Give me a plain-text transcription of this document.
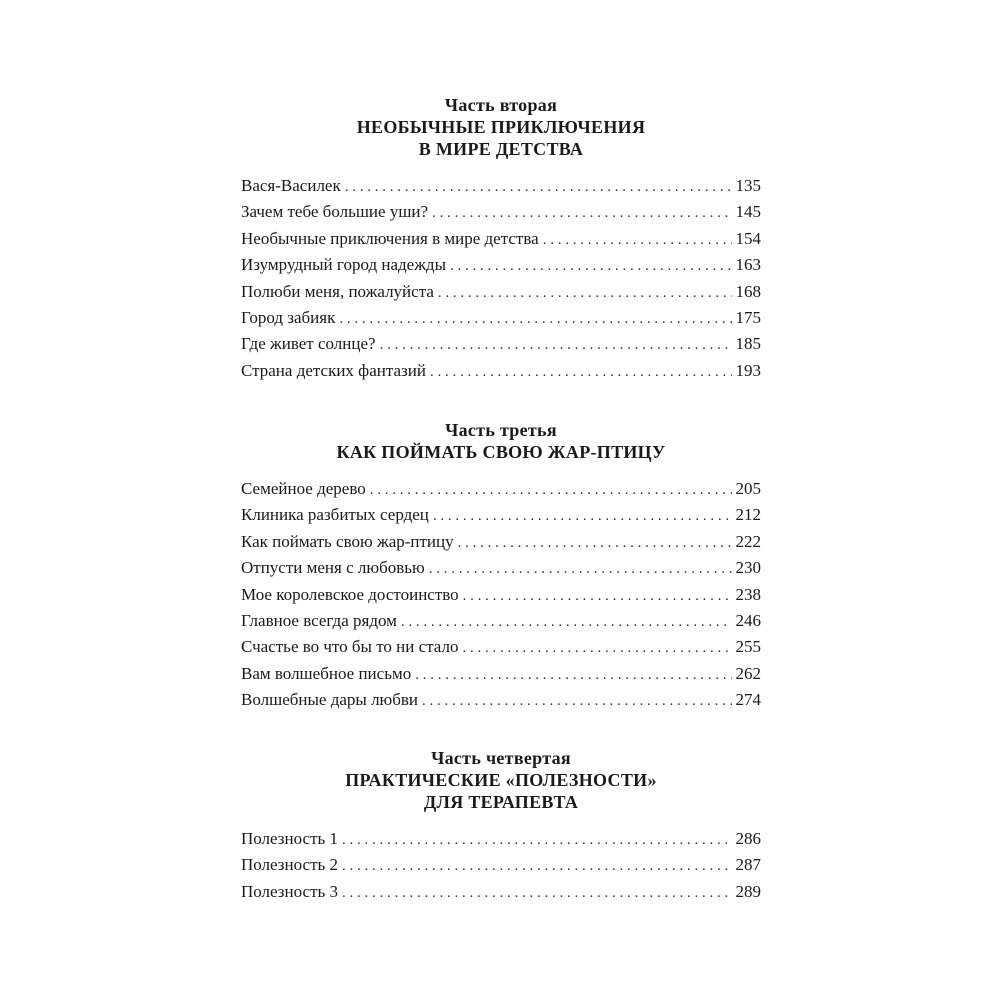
Часть вторая
НЕОБЫЧНЫЕ ПРИКЛЮЧЕНИЯ
В МИРЕ ДЕТСТВА
Вася-Василек . . .	135
Зачем тебе большие уши? . . .	145
Необычные приключения в мире детства . . .	154
Изумрудный город надежды . . .	163
Полюби меня, пожалуйста . . .	168
Город забияк . . .	175
Где живет солнце? . . .	185
Страна детских фантазий . . .	193
Часть третья
КАК ПОЙМАТЬ СВОЮ ЖАР-ПТИЦУ
Семейное дерево . . .	205
Клиника разбитых сердец . . .	212
Как поймать свою жар-птицу . . .	222
Отпусти меня с любовью . . .	230
Мое королевское достоинство . . .	238
Главное всегда рядом . . .	246
Счастье во что бы то ни стало . . .	255
Вам волшебное письмо . . .	262
Волшебные дары любви . . .	274
Часть четвертая
ПРАКТИЧЕСКИЕ «ПОЛЕЗНОСТИ»
ДЛЯ ТЕРАПЕВТА
Полезность 1 . . .	286
Полезность 2 . . .	287
Полезность 3 . . .	289
